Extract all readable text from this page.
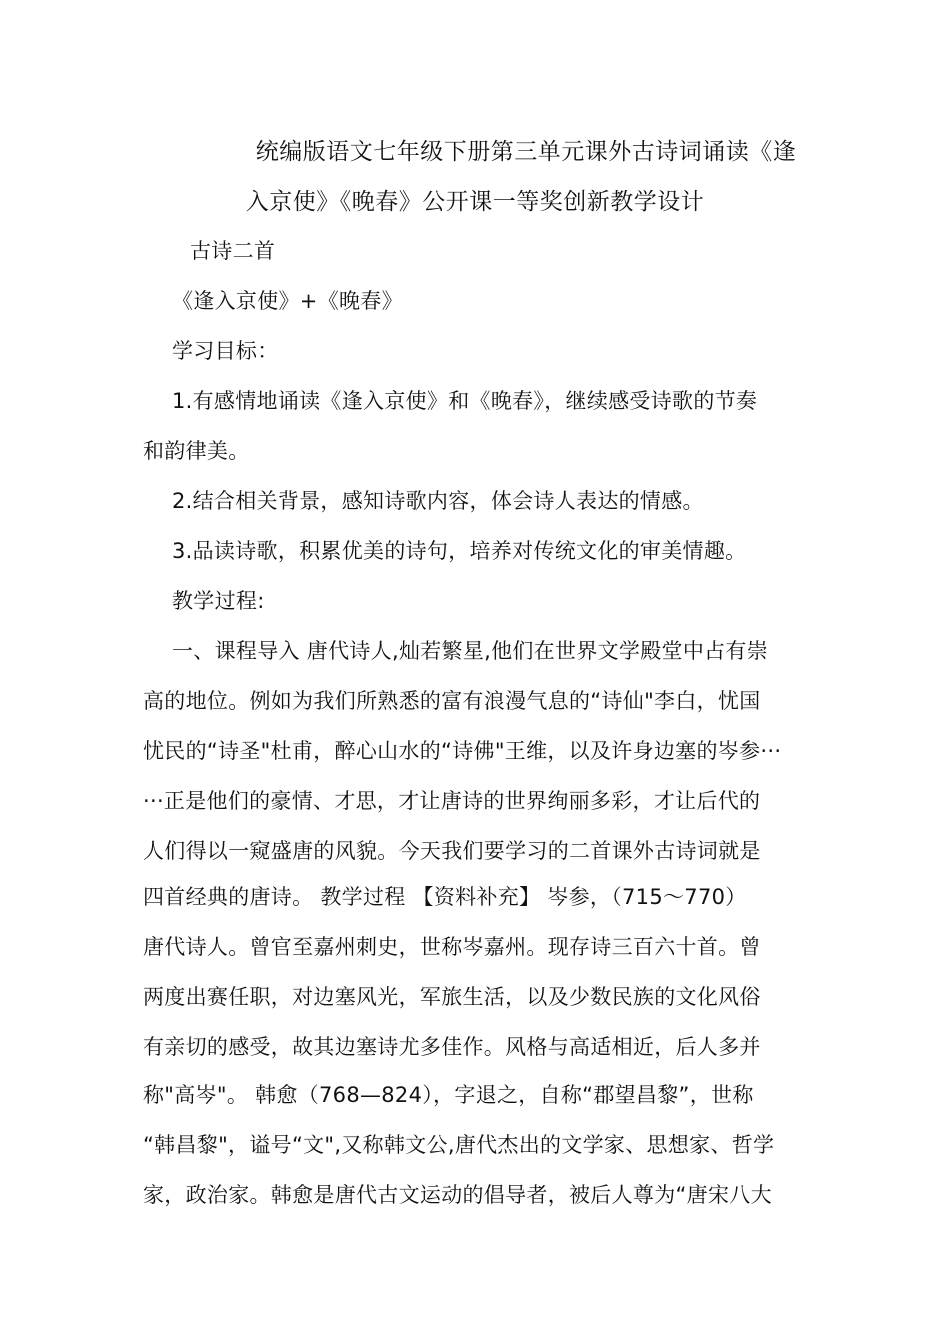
统编版语文七年级下册第三单元课外古诗词诵读《逢
入京使》《晚春》公开课一等奖创新教学设计

古诗二首

《逢入京使》+《晚春》

学习目标：

1.有感情地诵读《逢入京使》和《晚春》，继续感受诗歌的节奏

和韵律美。

2.结合相关背景，感知诗歌内容，体会诗人表达的情感。

3.品读诗歌，积累优美的诗句，培养对传统文化的审美情趣。

教学过程:

一、课程导入 唐代诗人,灿若繁星,他们在世界文学殿堂中占有崇

高的地位。例如为我们所熟悉的富有浪漫气息的“诗仙"李白，忧国

忧民的“诗圣"杜甫，醉心山水的“诗佛"王维，以及许身边塞的岑参···

···正是他们的豪情、才思，才让唐诗的世界绚丽多彩，才让后代的

人们得以一窥盛唐的风貌。今天我们要学习的二首课外古诗词就是

四首经典的唐诗。 教学过程 【资料补充】 岑参，（715～770）

唐代诗人。曾官至嘉州刺史，世称岑嘉州。现存诗三百六十首。曾

两度出赛任职，对边塞风光，军旅生活，以及少数民族的文化风俗

有亲切的感受，故其边塞诗尤多佳作。风格与高适相近，后人多并

称"高岑"。 韩愈（768—824），字退之，自称“郡望昌黎”，世称

“韩昌黎"，谥号“文",又称韩文公,唐代杰出的文学家、思想家、哲学

家，政治家。韩愈是唐代古文运动的倡导者，被后人尊为“唐宋八大
